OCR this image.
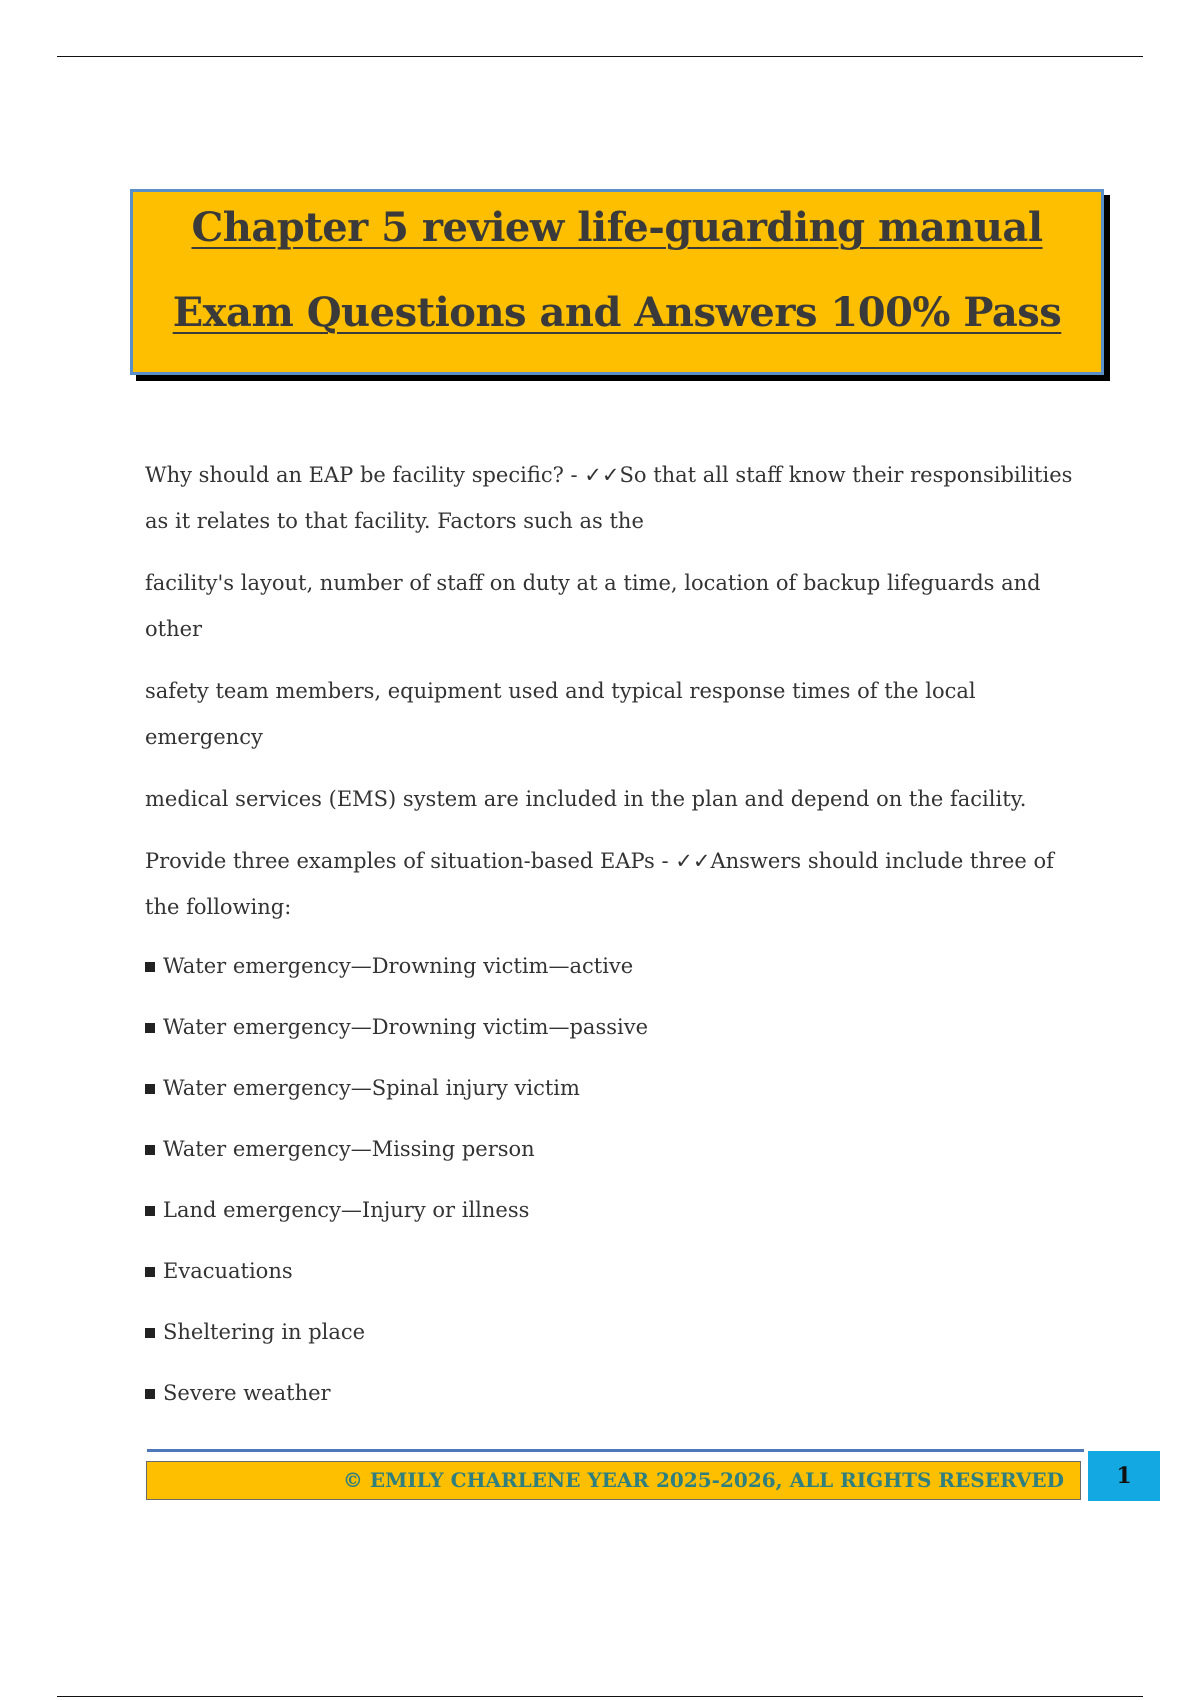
Chapter 5 review life-guarding manual
Exam Questions and Answers 100% Pass

Why should an EAP be facility specific? - ✓✓So that all staff know their responsibilities as it relates to that facility. Factors such as the

facility's layout, number of staff on duty at a time, location of backup lifeguards and other

safety team members, equipment used and typical response times of the local emergency

medical services (EMS) system are included in the plan and depend on the facility.

Provide three examples of situation-based EAPs - ✓✓Answers should include three of the following:

Water emergency—Drowning victim—active
Water emergency—Drowning victim—passive
Water emergency—Spinal injury victim
Water emergency—Missing person
Land emergency—Injury or illness
Evacuations
Sheltering in place
Severe weather
© EMILY CHARLENE YEAR 2025-2026, ALL RIGHTS RESERVED	1
